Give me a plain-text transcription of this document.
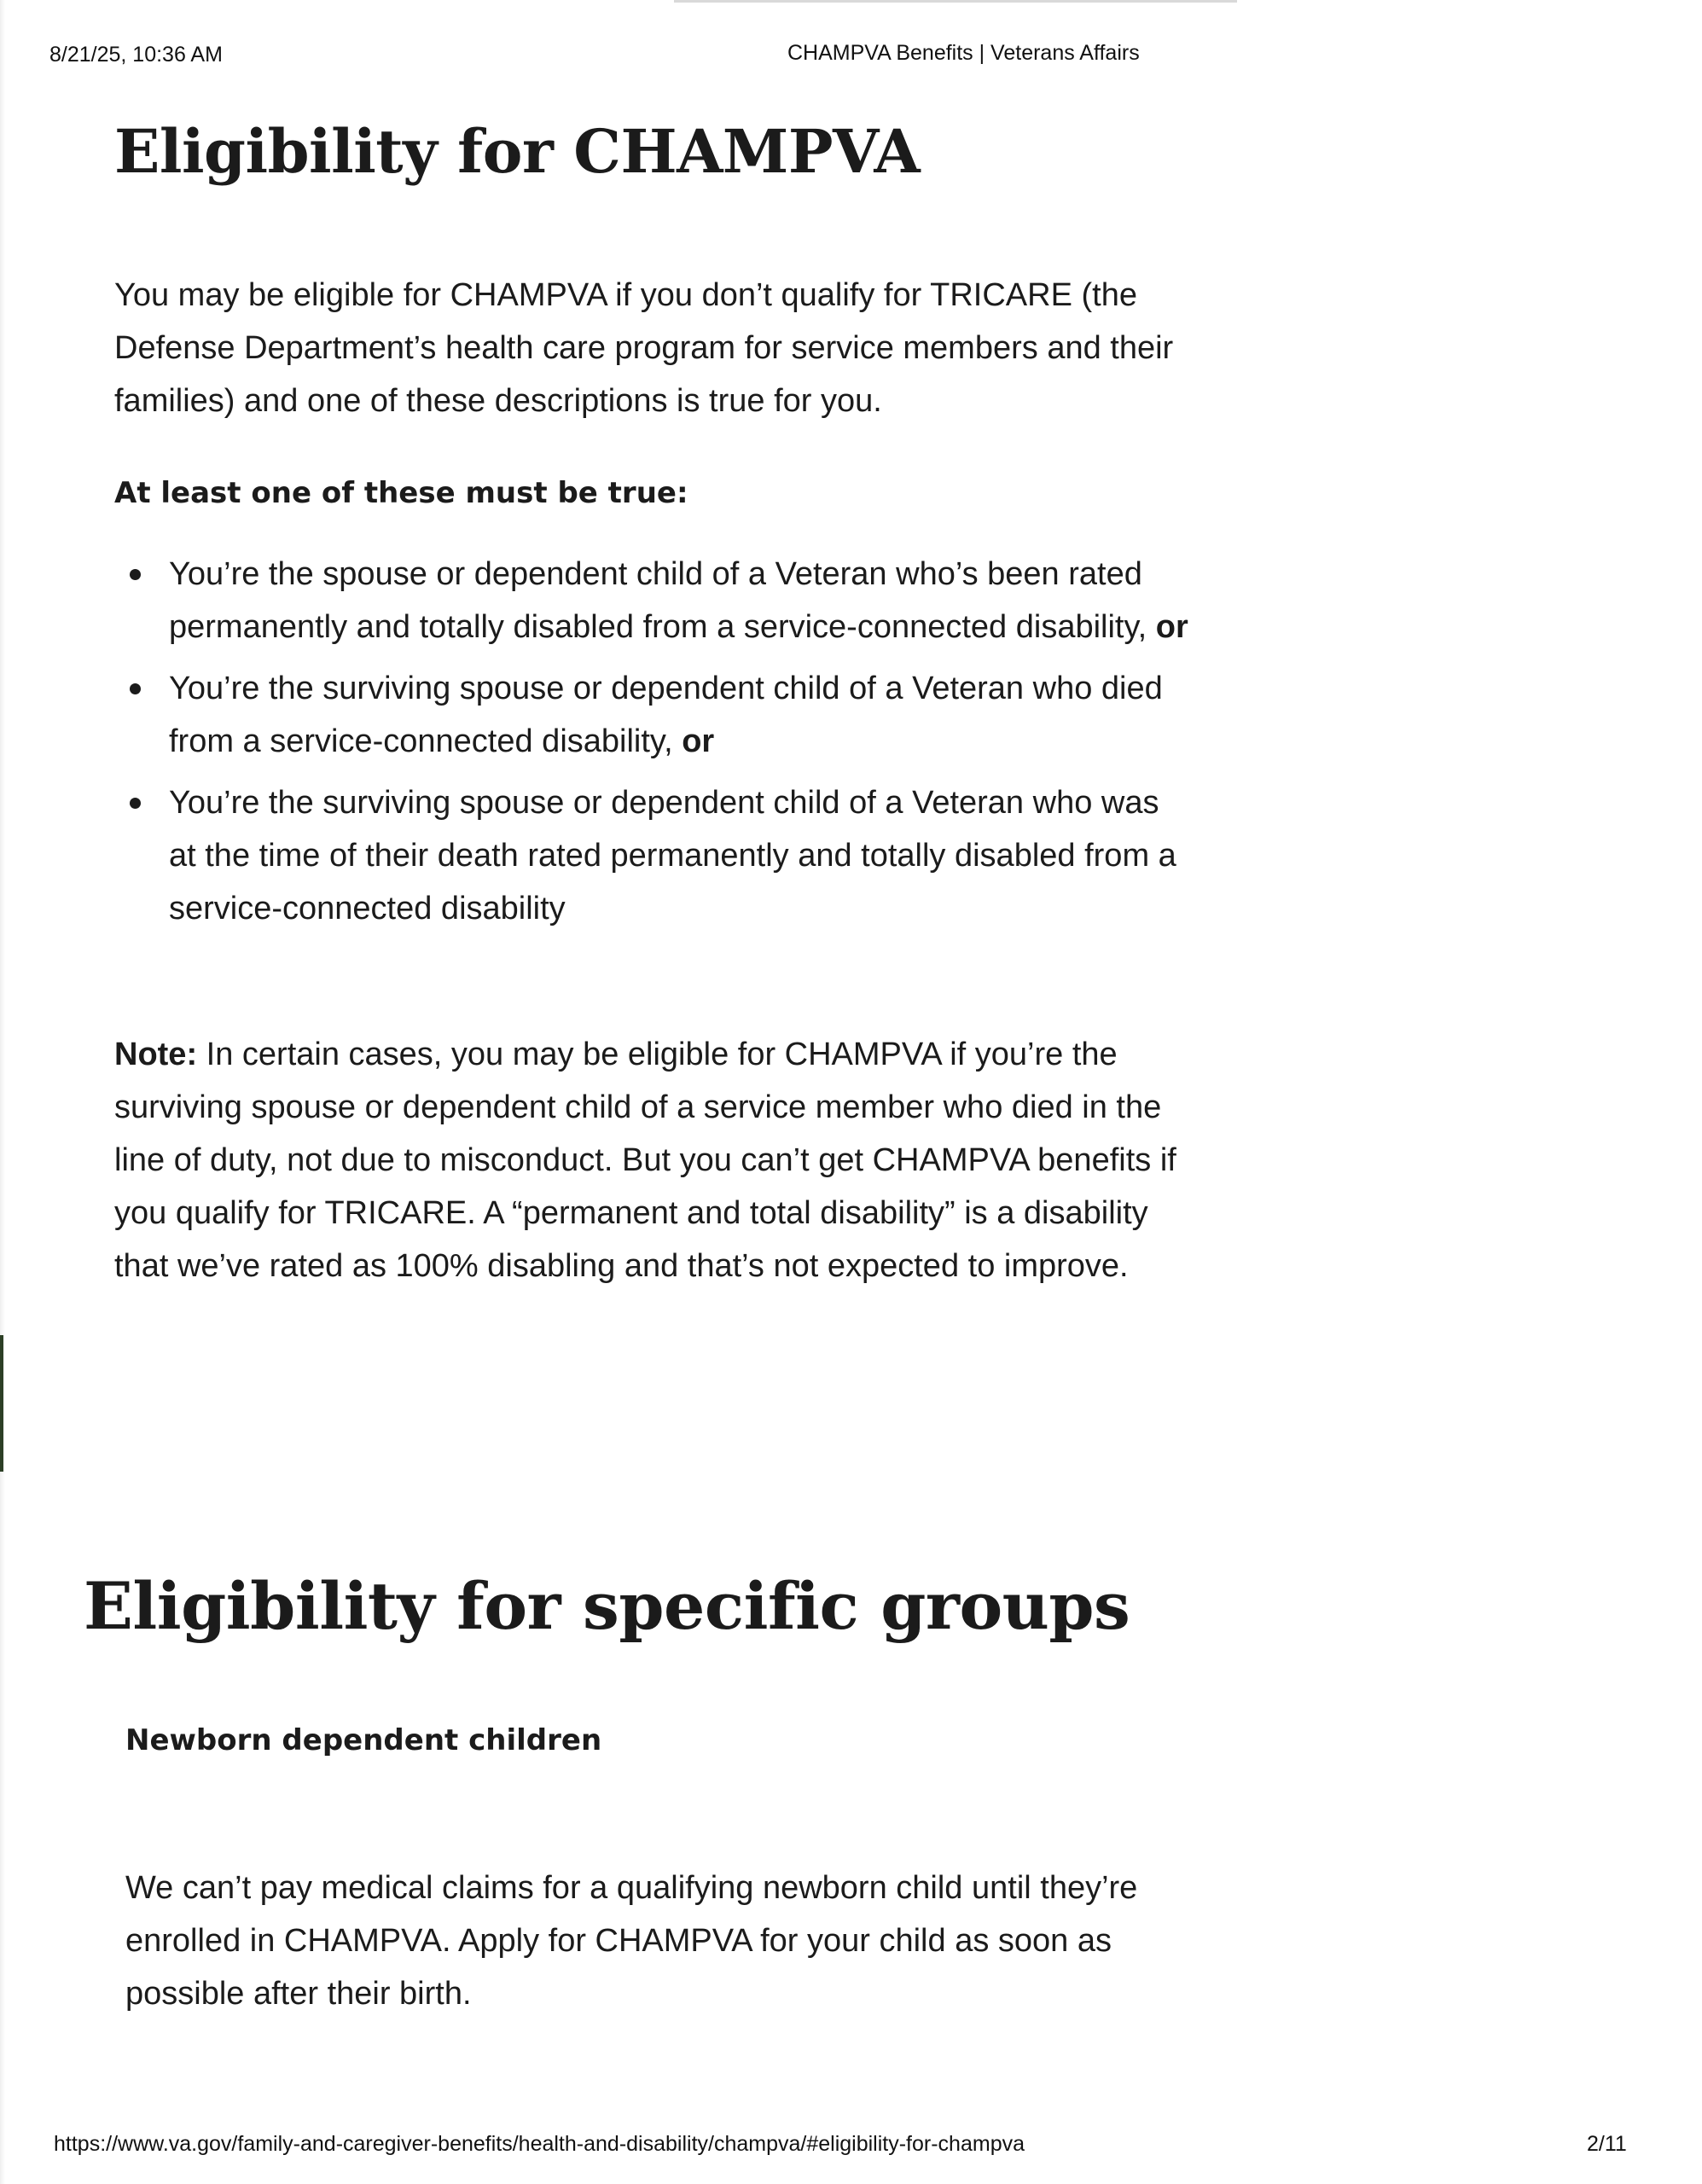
8/21/25, 10:36 AM	CHAMPVA Benefits | Veterans Affairs
Eligibility for CHAMPVA

You may be eligible for CHAMPVA if you don’t qualify for TRICARE (the Defense Department’s health care program for service members and their families) and one of these descriptions is true for you.

At least one of these must be true:
You’re the spouse or dependent child of a Veteran who’s been rated permanently and totally disabled from a service-connected disability, or
You’re the surviving spouse or dependent child of a Veteran who died from a service-connected disability, or
You’re the surviving spouse or dependent child of a Veteran who was at the time of their death rated permanently and totally disabled from a service-connected disability

Note: In certain cases, you may be eligible for CHAMPVA if you’re the surviving spouse or dependent child of a service member who died in the line of duty, not due to misconduct. But you can’t get CHAMPVA benefits if you qualify for TRICARE. A “permanent and total disability” is a disability that we’ve rated as 100% disabling and that’s not expected to improve.

Eligibility for specific groups
Newborn dependent children

We can’t pay medical claims for a qualifying newborn child until they’re enrolled in CHAMPVA. Apply for CHAMPVA for your child as soon as possible after their birth.

https://www.va.gov/family-and-caregiver-benefits/health-and-disability/champva/#eligibility-for-champva	2/11
